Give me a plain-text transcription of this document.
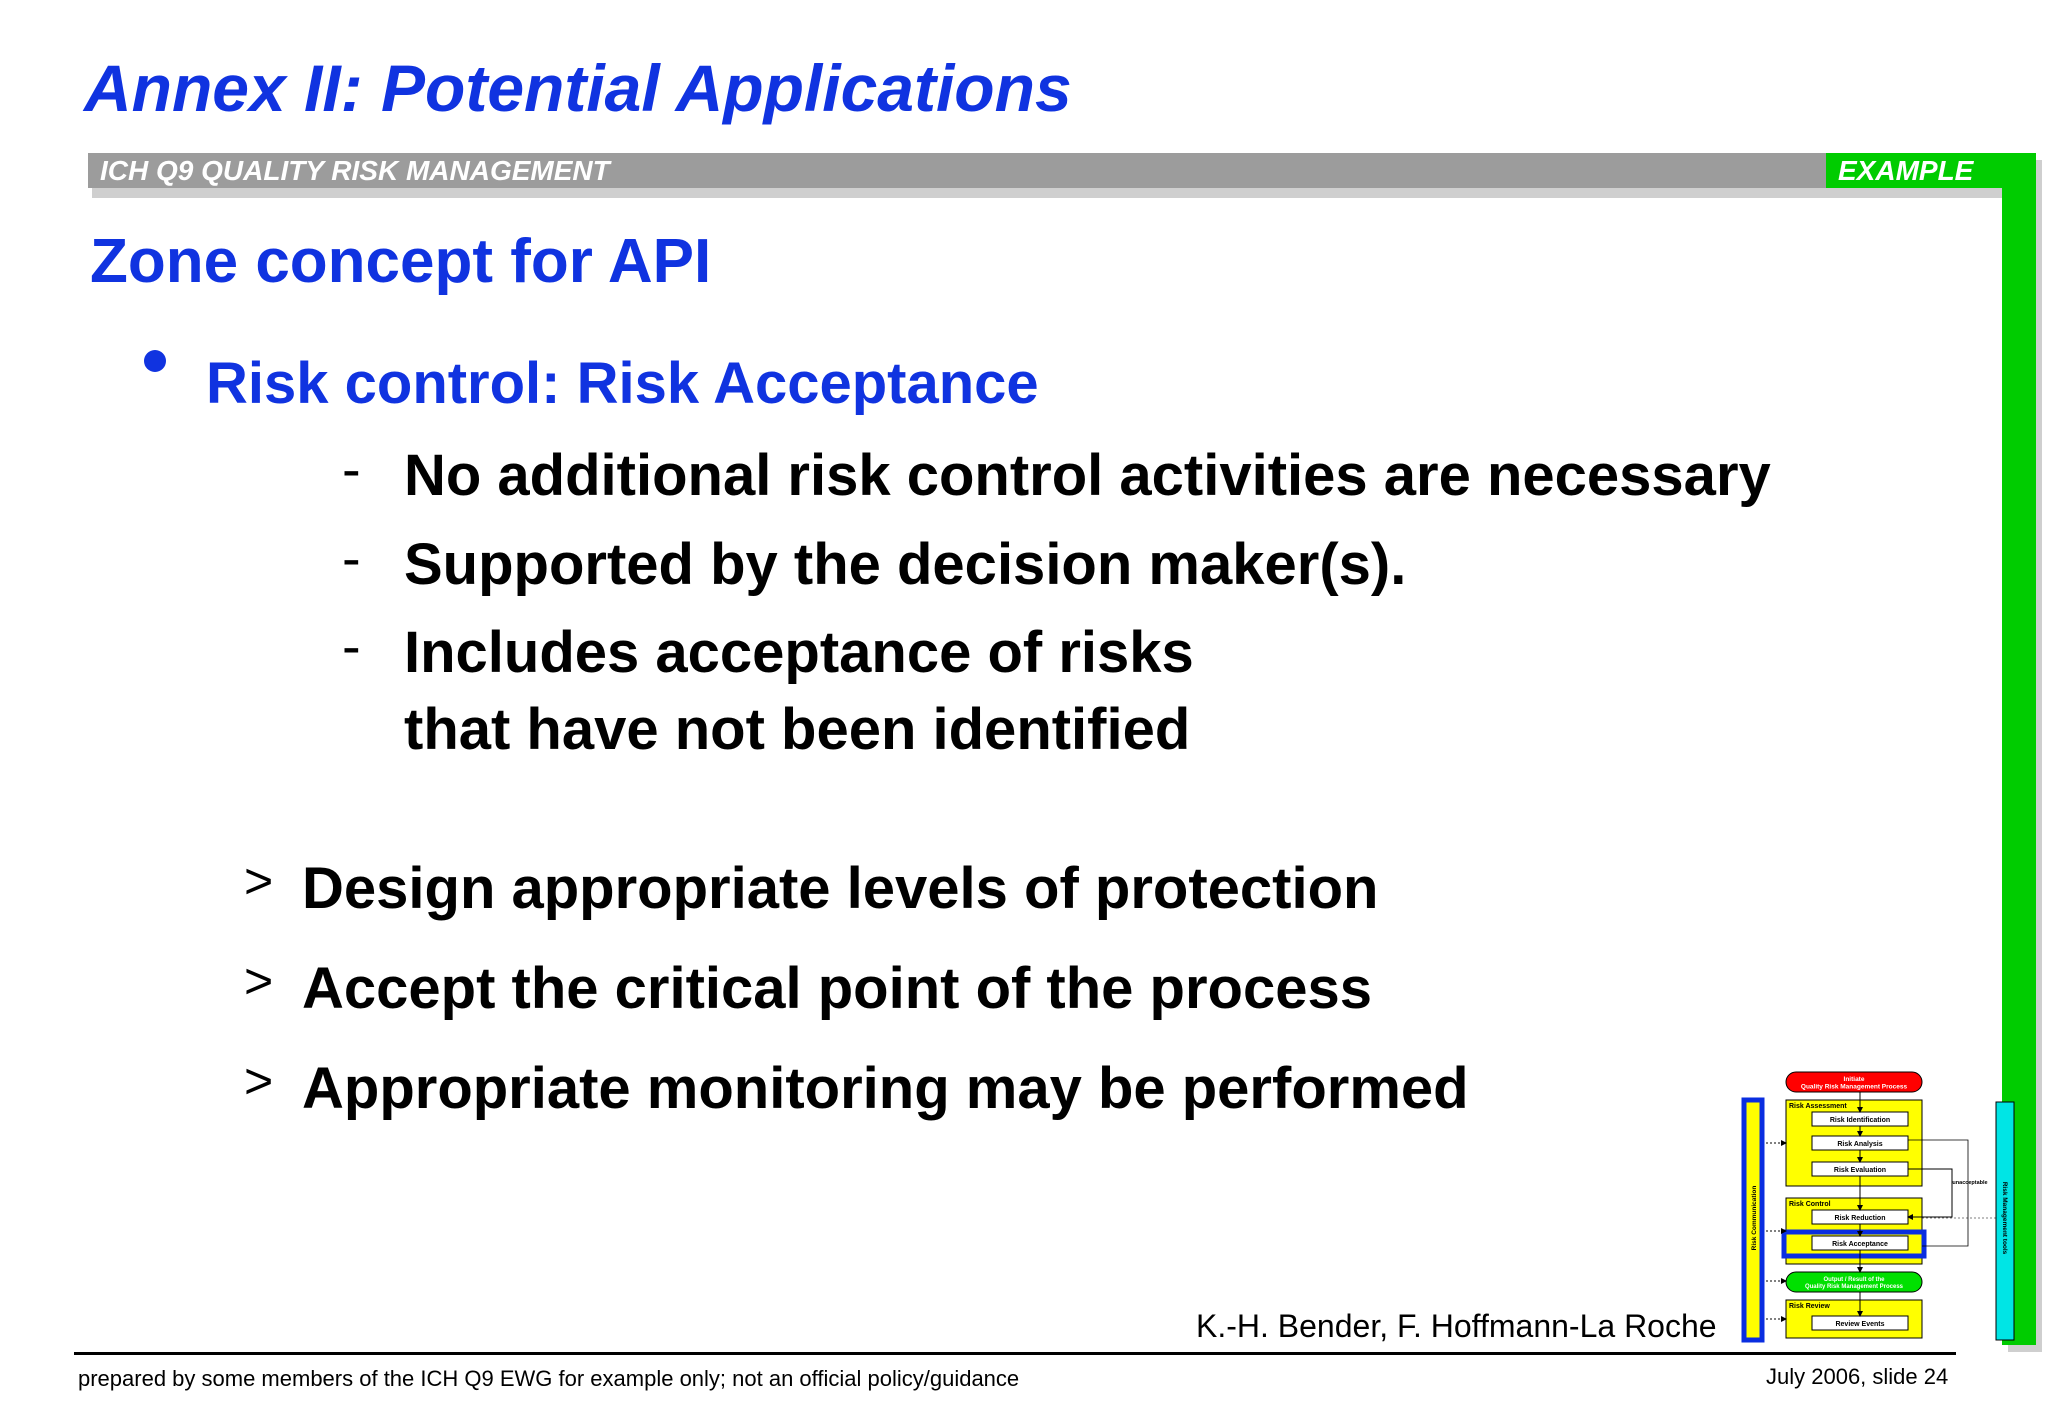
Annex II: Potential Applications
ICH Q9 QUALITY RISK MANAGEMENT	EXAMPLE
Zone concept for API
Risk control: Risk Acceptance
- No additional risk control activities are necessary
- Supported by the decision maker(s).
- Includes acceptance of risks
that have not been identified
> Design appropriate levels of protection
> Accept the critical point of the process
> Appropriate monitoring may be performed	Initiate Quality Risk Management Process
Risk Assessment
Risk Identification
Risk Analysis
Risk Evaluation
unacceptable
Risk Control
Risk Reduction
Risk Acceptance
Output / Result of the Quality Risk Management Process
Risk Review
Review Events
Risk Communication	Risk Management tools
K.-H. Bender, F. Hoffmann-La Roche
prepared by some members of the ICH Q9 EWG for example only; not an official policy/guidance	July 2006, slide 24
